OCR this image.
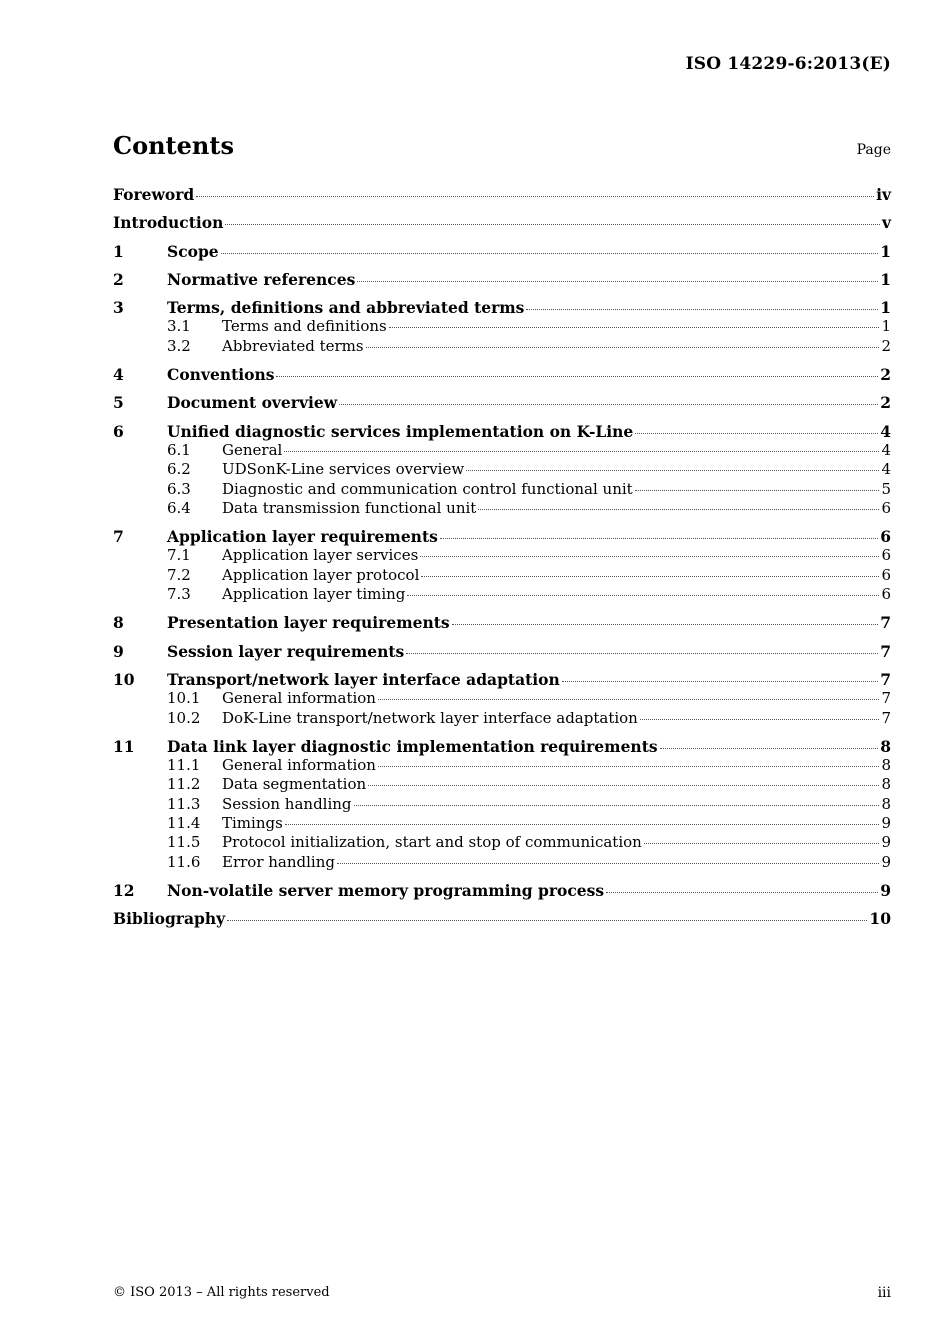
ISO 14229-6:2013(E)
Contents	Page
Foreword	iv
Introduction	v
1	Scope	1
2	Normative references	1
3	Terms, definitions and abbreviated terms	1
3.1	Terms and definitions	1
3.2	Abbreviated terms	2
4	Conventions	2
5	Document overview	2
6	Unified diagnostic services implementation on K-Line	4
6.1	General	4
6.2	UDSonK-Line services overview	4
6.3	Diagnostic and communication control functional unit	5
6.4	Data transmission functional unit	6
7	Application layer requirements	6
7.1	Application layer services	6
7.2	Application layer protocol	6
7.3	Application layer timing	6
8	Presentation layer requirements	7
9	Session layer requirements	7
10	Transport/network layer interface adaptation	7
10.1	General information	7
10.2	DoK-Line transport/network layer interface adaptation	7
11	Data link layer diagnostic implementation requirements	8
11.1	General information	8
11.2	Data segmentation	8
11.3	Session handling	8
11.4	Timings	9
11.5	Protocol initialization, start and stop of communication	9
11.6	Error handling	9
12	Non-volatile server memory programming process	9
Bibliography	10
© ISO 2013 – All rights reserved	iii
